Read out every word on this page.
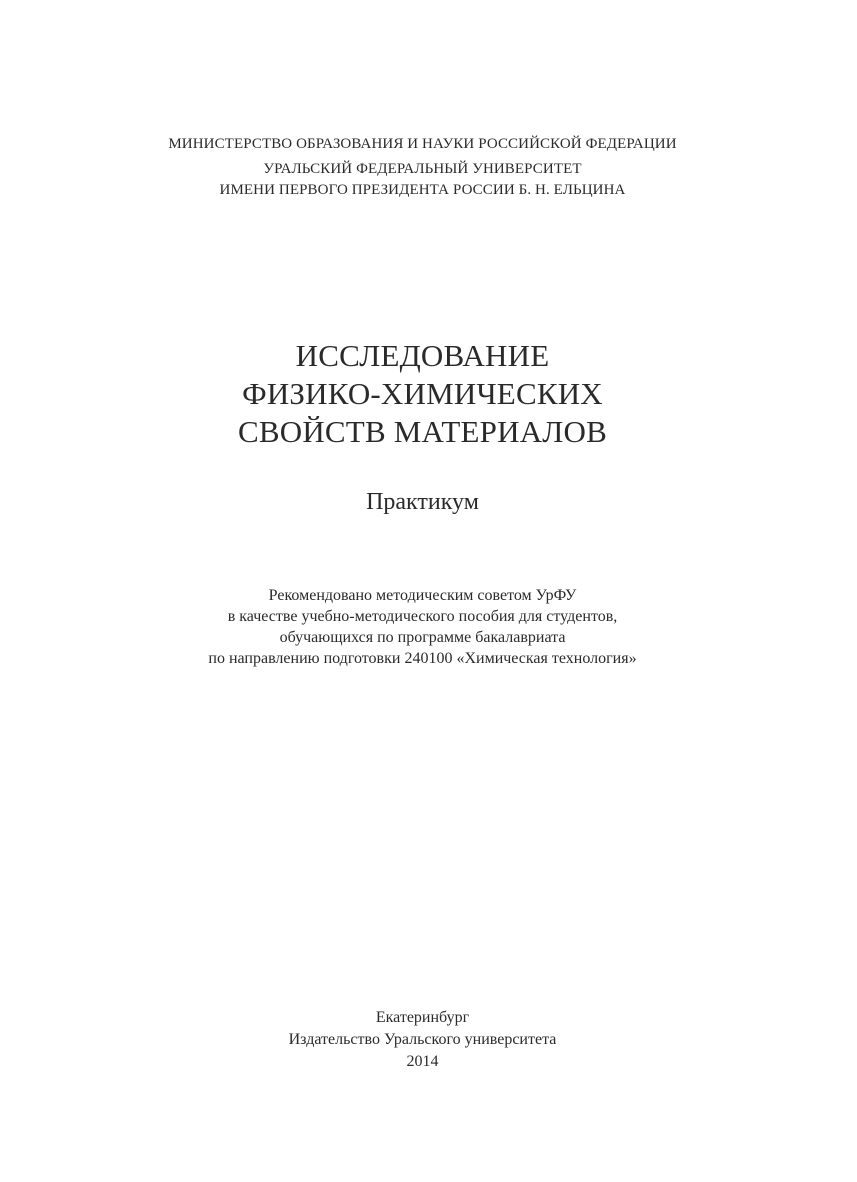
МИНИСТЕРСТВО ОБРАЗОВАНИЯ И НАУКИ РОССИЙСКОЙ ФЕДЕРАЦИИ
УРАЛЬСКИЙ ФЕДЕРАЛЬНЫЙ УНИВЕРСИТЕТ
ИМЕНИ ПЕРВОГО ПРЕЗИДЕНТА РОССИИ Б. Н. ЕЛЬЦИНА
ИССЛЕДОВАНИЕ
ФИЗИКО-ХИМИЧЕСКИХ
СВОЙСТВ МАТЕРИАЛОВ
Практикум
Рекомендовано методическим советом УрФУ
в качестве учебно-методического пособия для студентов,
обучающихся по программе бакалавриата
по направлению подготовки 240100 «Химическая технология»
Екатеринбург
Издательство Уральского университета
2014
